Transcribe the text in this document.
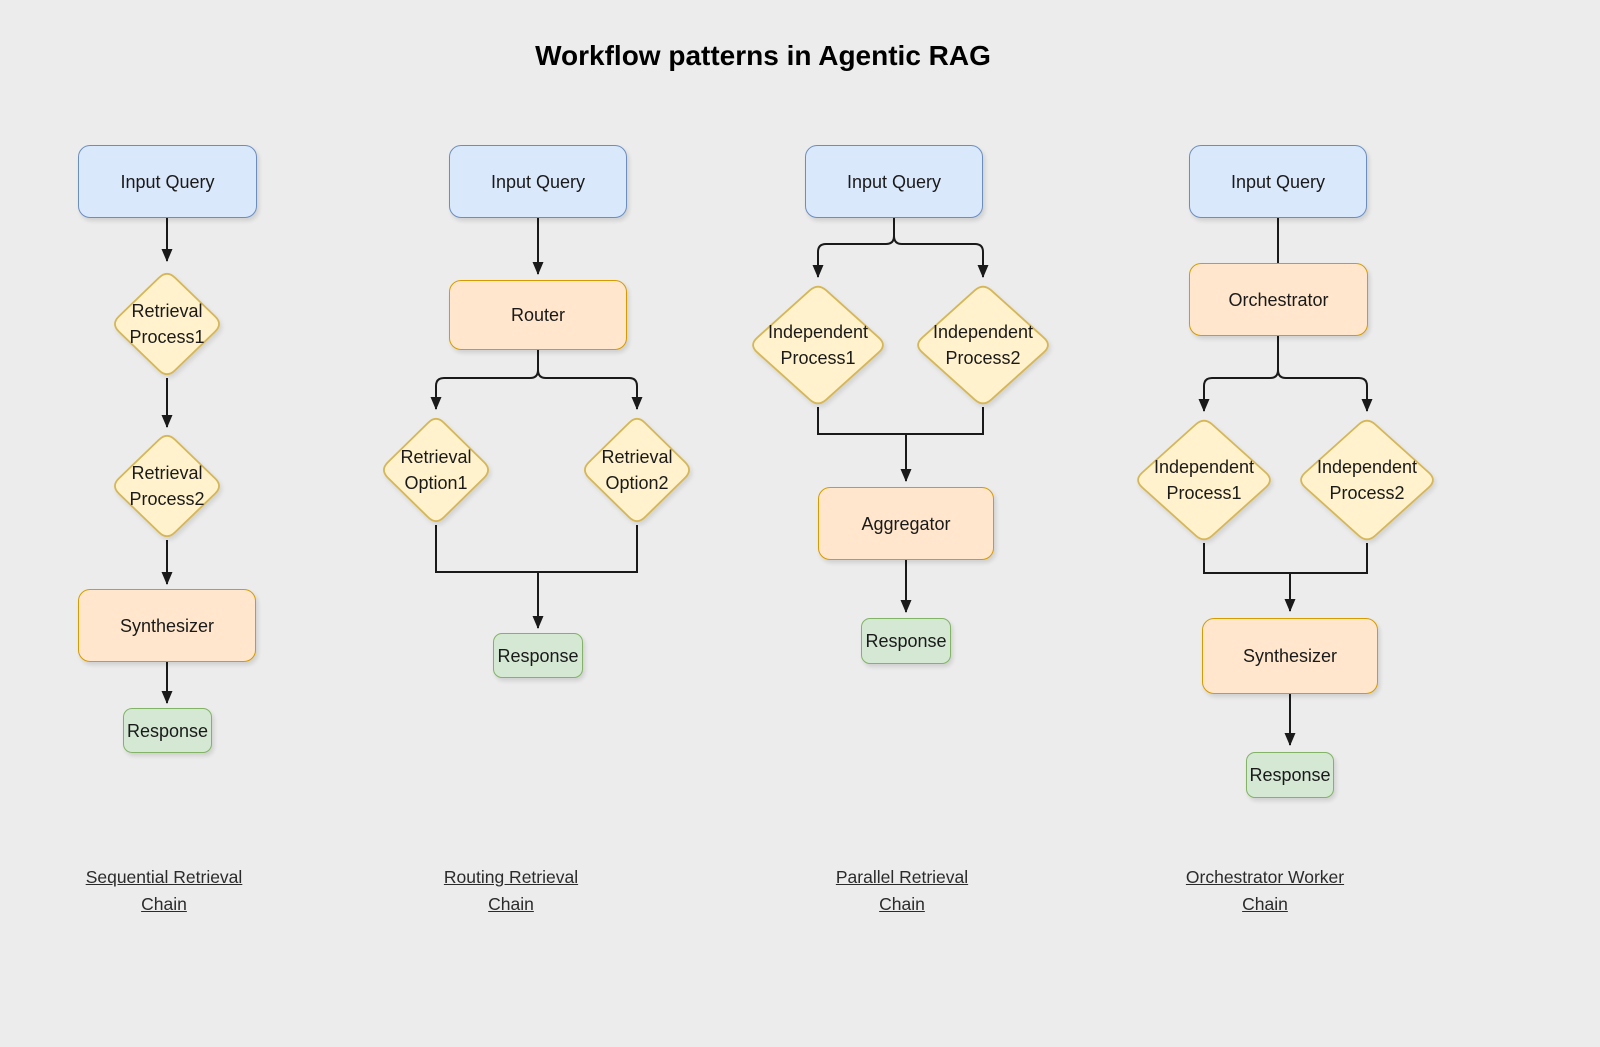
Workflow patterns in Agentic RAG
Input Query
Retrieval Process1
Retrieval Process2
Synthesizer
Response
Sequential Retrieval Chain
Input Query
Router
Retrieval Option1
Retrieval Option2
Response
Routing Retrieval Chain
Input Query
Independent Process1
Independent Process2
Aggregator
Response
Parallel Retrieval Chain
Input Query
Orchestrator
Independent Process1
Independent Process2
Synthesizer
Response
Orchestrator Worker Chain
